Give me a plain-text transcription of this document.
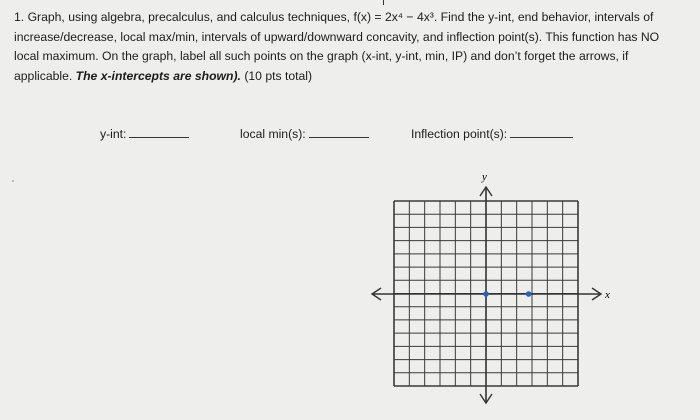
1. Graph, using algebra, precalculus, and calculus techniques, f(x) = 2x⁴ − 4x³. Find the y-int, end behavior, intervals of increase/decrease, local max/min, intervals of upward/downward concavity, and inflection point(s). This function has NO local maximum. On the graph, label all such points on the graph (x-int, y-int, min, IP) and don’t forget the arrows, if applicable. The x-intercepts are shown). (10 pts total)
y-int:	local min(s):	Inflection point(s):
y
x
